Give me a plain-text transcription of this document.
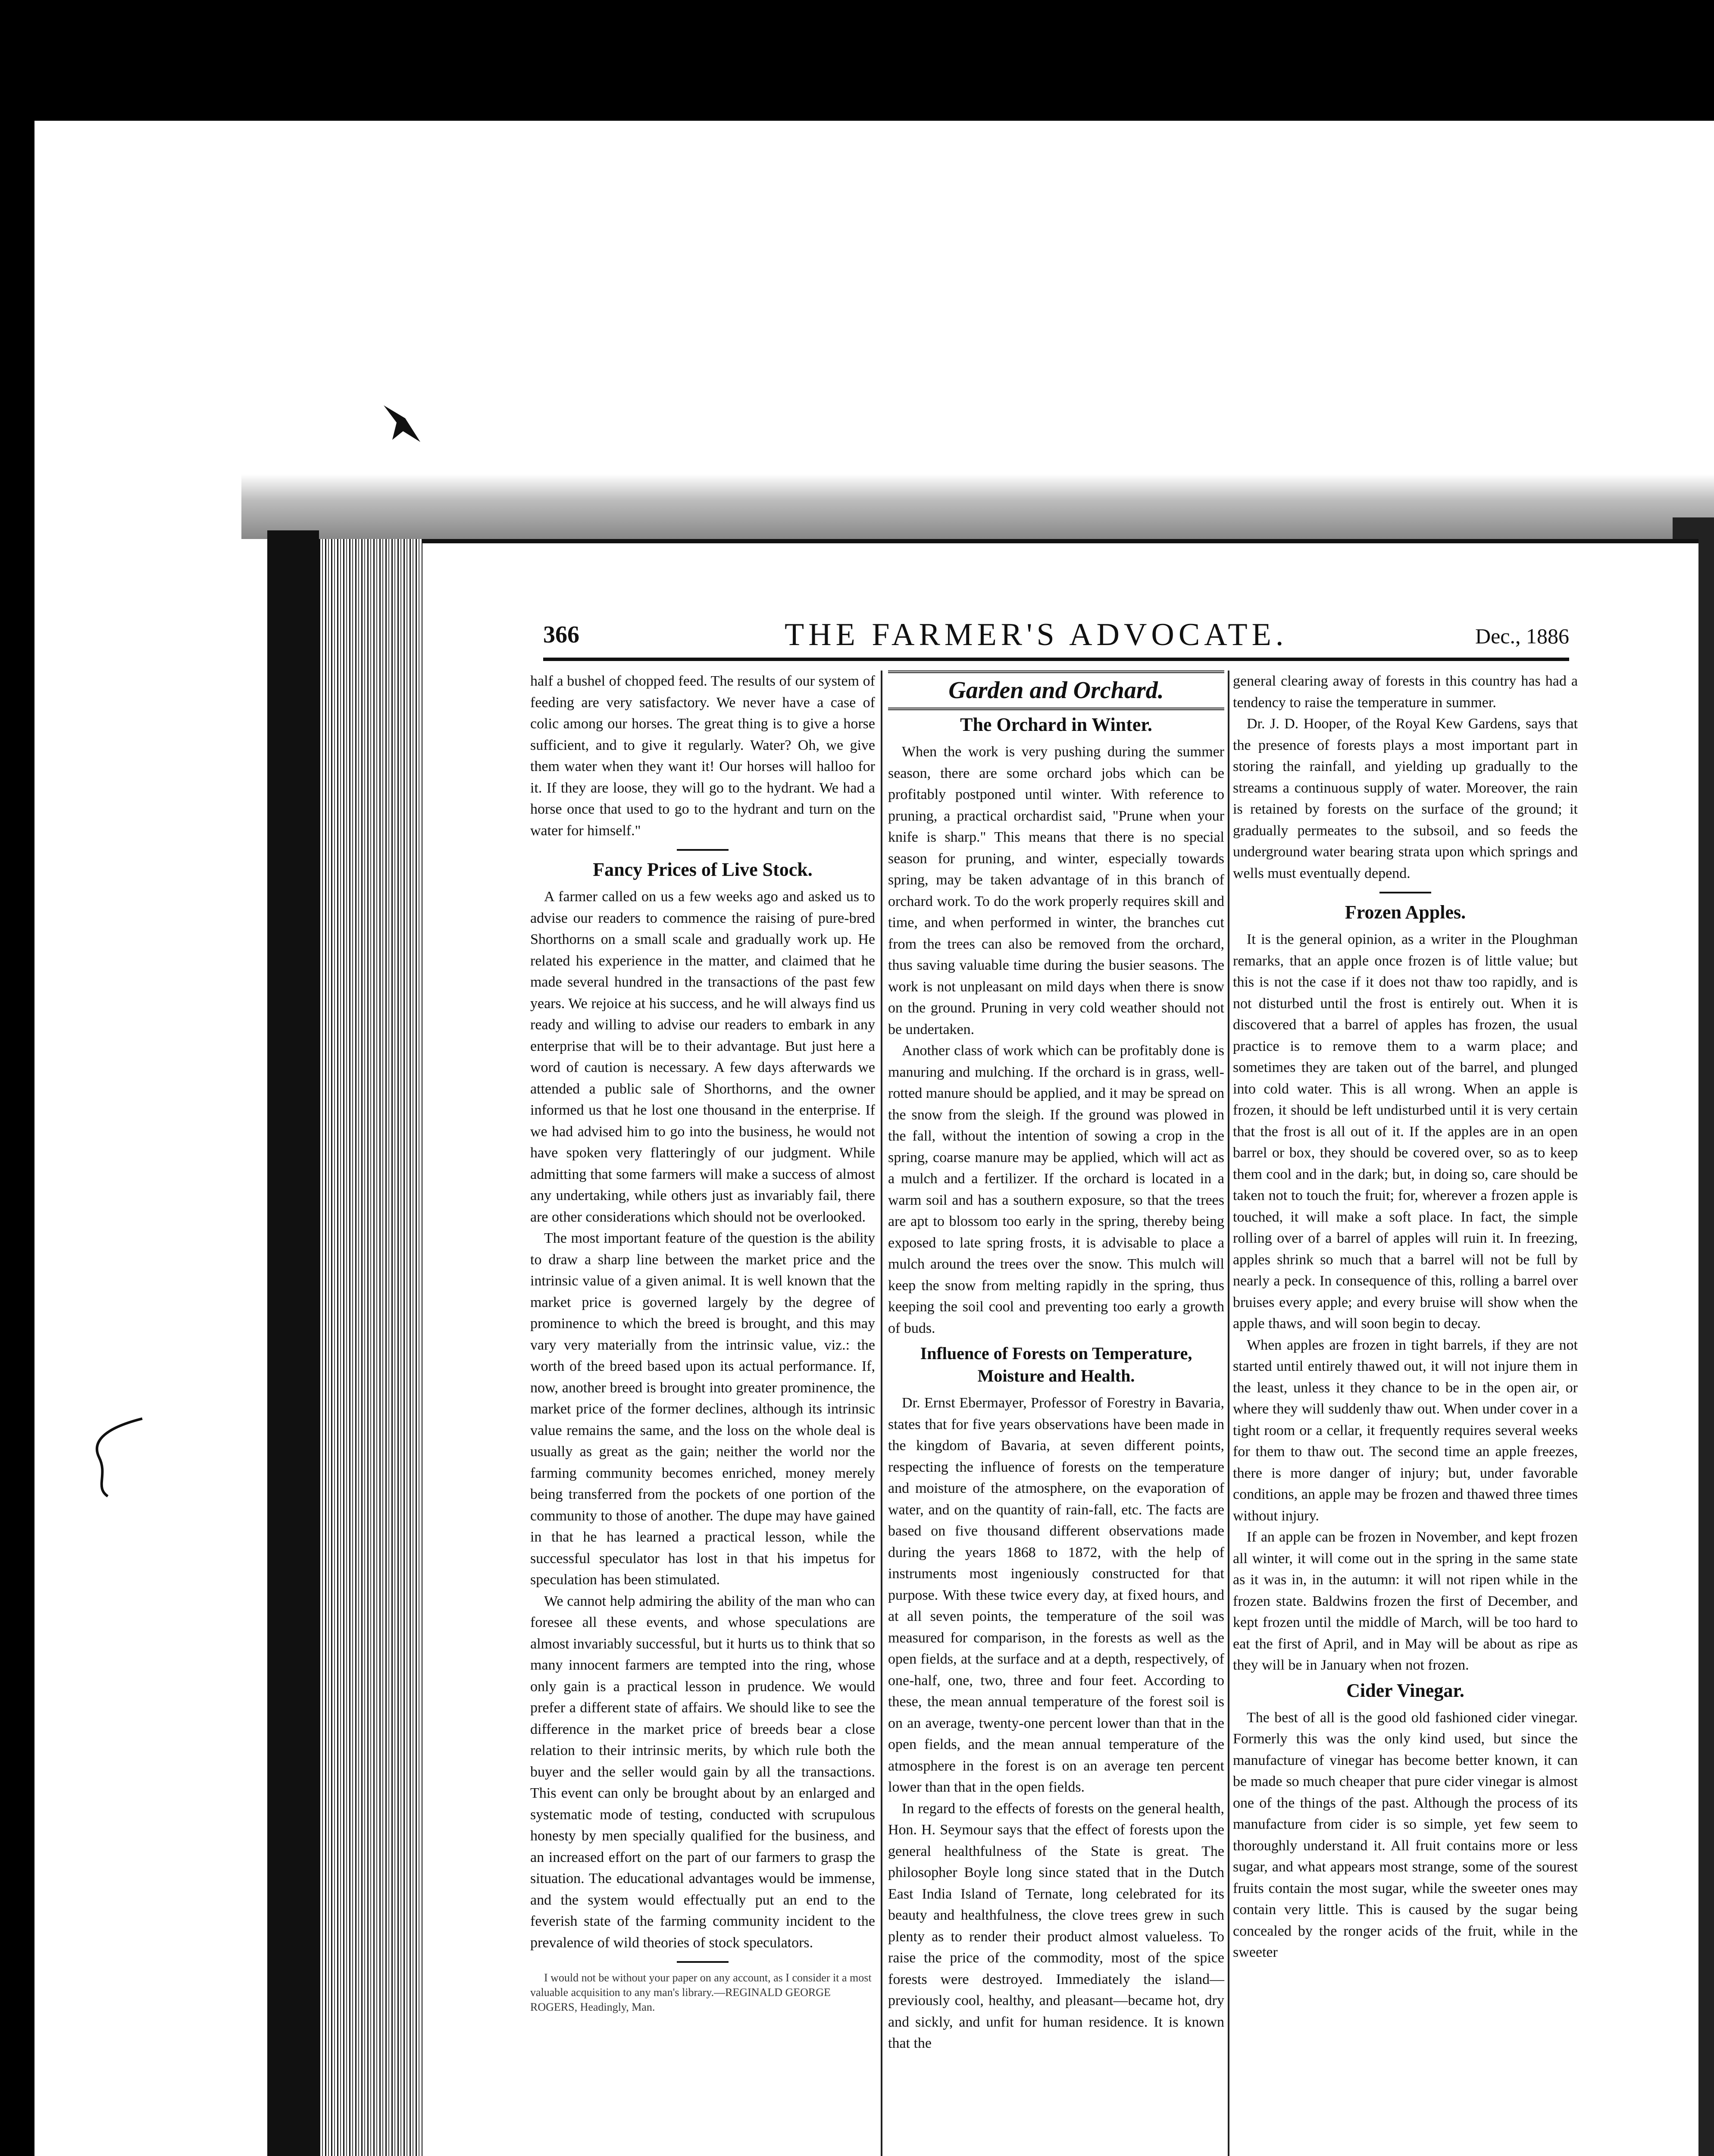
366	THE FARMER'S ADVOCATE.	Dec., 1886

half a bushel of chopped feed. The results of our system of feeding are very satisfactory. We never have a case of colic among our horses. The great thing is to give a horse sufficient, and to give it regularly. Water? Oh, we give them water when they want it! Our horses will halloo for it. If they are loose, they will go to the hydrant. We had a horse once that used to go to the hydrant and turn on the water for himself."

Fancy Prices of Live Stock.

A farmer called on us a few weeks ago and asked us to advise our readers to commence the raising of pure-bred Shorthorns on a small scale and gradually work up. He related his experience in the matter, and claimed that he made several hundred in the transactions of the past few years. We rejoice at his success, and he will always find us ready and willing to advise our readers to embark in any enterprise that will be to their advantage. But just here a word of caution is necessary. A few days afterwards we attended a public sale of Shorthorns, and the owner informed us that he lost one thousand in the enterprise. If we had advised him to go into the business, he would not have spoken very flatteringly of our judgment. While admitting that some farmers will make a success of almost any undertaking, while others just as invariably fail, there are other considerations which should not be overlooked.

The most important feature of the question is the ability to draw a sharp line between the market price and the intrinsic value of a given animal. It is well known that the market price is governed largely by the degree of prominence to which the breed is brought, and this may vary very materially from the intrinsic value, viz.: the worth of the breed based upon its actual performance. If, now, another breed is brought into greater prominence, the market price of the former declines, although its intrinsic value remains the same, and the loss on the whole deal is usually as great as the gain; neither the world nor the farming community becomes enriched, money merely being transferred from the pockets of one portion of the community to those of another. The dupe may have gained in that he has learned a practical lesson, while the successful speculator has lost in that his impetus for speculation has been stimulated.

We cannot help admiring the ability of the man who can foresee all these events, and whose speculations are almost invariably successful, but it hurts us to think that so many innocent farmers are tempted into the ring, whose only gain is a practical lesson in prudence. We would prefer a different state of affairs. We should like to see the difference in the market price of breeds bear a close relation to their intrinsic merits, by which rule both the buyer and the seller would gain by all the transactions. This event can only be brought about by an enlarged and systematic mode of testing, conducted with scrupulous honesty by men specially qualified for the business, and an increased effort on the part of our farmers to grasp the situation. The educational advantages would be immense, and the system would effectually put an end to the feverish state of the farming community incident to the prevalence of wild theories of stock speculators.

I would not be without your paper on any account, as I consider it a most valuable acquisition to any man's library.—REGINALD GEORGE ROGERS, Headingly, Man.

Garden and Orchard.
The Orchard in Winter.

When the work is very pushing during the summer season, there are some orchard jobs which can be profitably postponed until winter. With reference to pruning, a practical orchardist said, "Prune when your knife is sharp." This means that there is no special season for pruning, and winter, especially towards spring, may be taken advantage of in this branch of orchard work. To do the work properly requires skill and time, and when performed in winter, the branches cut from the trees can also be removed from the orchard, thus saving valuable time during the busier seasons. The work is not unpleasant on mild days when there is snow on the ground. Pruning in very cold weather should not be undertaken.

Another class of work which can be profitably done is manuring and mulching. If the orchard is in grass, well-rotted manure should be applied, and it may be spread on the snow from the sleigh. If the ground was plowed in the fall, without the intention of sowing a crop in the spring, coarse manure may be applied, which will act as a mulch and a fertilizer. If the orchard is located in a warm soil and has a southern exposure, so that the trees are apt to blossom too early in the spring, thereby being exposed to late spring frosts, it is advisable to place a mulch around the trees over the snow. This mulch will keep the snow from melting rapidly in the spring, thus keeping the soil cool and preventing too early a growth of buds.

Influence of Forests on Temperature, Moisture and Health.

Dr. Ernst Ebermayer, Professor of Forestry in Bavaria, states that for five years observations have been made in the kingdom of Bavaria, at seven different points, respecting the influence of forests on the temperature and moisture of the atmosphere, on the evaporation of water, and on the quantity of rain-fall, etc. The facts are based on five thousand different observations made during the years 1868 to 1872, with the help of instruments most ingeniously constructed for that purpose. With these twice every day, at fixed hours, and at all seven points, the temperature of the soil was measured for comparison, in the forests as well as the open fields, at the surface and at a depth, respectively, of one-half, one, two, three and four feet. According to these, the mean annual temperature of the forest soil is on an average, twenty-one percent lower than that in the open fields, and the mean annual temperature of the atmosphere in the forest is on an average ten percent lower than that in the open fields.

In regard to the effects of forests on the general health, Hon. H. Seymour says that the effect of forests upon the general healthfulness of the State is great. The philosopher Boyle long since stated that in the Dutch East India Island of Ternate, long celebrated for its beauty and healthfulness, the clove trees grew in such plenty as to render their product almost valueless. To raise the price of the commodity, most of the spice forests were destroyed. Immediately the island—previously cool, healthy, and pleasant—became hot, dry and sickly, and unfit for human residence. It is known that the

general clearing away of forests in this country has had a tendency to raise the temperature in summer.

Dr. J. D. Hooper, of the Royal Kew Gardens, says that the presence of forests plays a most important part in storing the rainfall, and yielding up gradually to the streams a continuous supply of water. Moreover, the rain is retained by forests on the surface of the ground; it gradually permeates to the subsoil, and so feeds the underground water bearing strata upon which springs and wells must eventually depend.

Frozen Apples.

It is the general opinion, as a writer in the Ploughman remarks, that an apple once frozen is of little value; but this is not the case if it does not thaw too rapidly, and is not disturbed until the frost is entirely out. When it is discovered that a barrel of apples has frozen, the usual practice is to remove them to a warm place; and sometimes they are taken out of the barrel, and plunged into cold water. This is all wrong. When an apple is frozen, it should be left undisturbed until it is very certain that the frost is all out of it. If the apples are in an open barrel or box, they should be covered over, so as to keep them cool and in the dark; but, in doing so, care should be taken not to touch the fruit; for, wherever a frozen apple is touched, it will make a soft place. In fact, the simple rolling over of a barrel of apples will ruin it. In freezing, apples shrink so much that a barrel will not be full by nearly a peck. In consequence of this, rolling a barrel over bruises every apple; and every bruise will show when the apple thaws, and will soon begin to decay.

When apples are frozen in tight barrels, if they are not started until entirely thawed out, it will not injure them in the least, unless it they chance to be in the open air, or where they will suddenly thaw out. When under cover in a tight room or a cellar, it frequently requires several weeks for them to thaw out. The second time an apple freezes, there is more danger of injury; but, under favorable conditions, an apple may be frozen and thawed three times without injury.

If an apple can be frozen in November, and kept frozen all winter, it will come out in the spring in the same state as it was in, in the autumn: it will not ripen while in the frozen state. Baldwins frozen the first of December, and kept frozen until the middle of March, will be too hard to eat the first of April, and in May will be about as ripe as they will be in January when not frozen.

Cider Vinegar.

The best of all is the good old fashioned cider vinegar. Formerly this was the only kind used, but since the manufacture of vinegar has become better known, it can be made so much cheaper that pure cider vinegar is almost one of the things of the past. Although the process of its manufacture from cider is so simple, yet few seem to thoroughly understand it. All fruit contains more or less sugar, and what appears most strange, some of the sourest fruits contain the most sugar, while the sweeter ones may contain very little. This is caused by the sugar being concealed by the ronger acids of the fruit, while in the sweeter
